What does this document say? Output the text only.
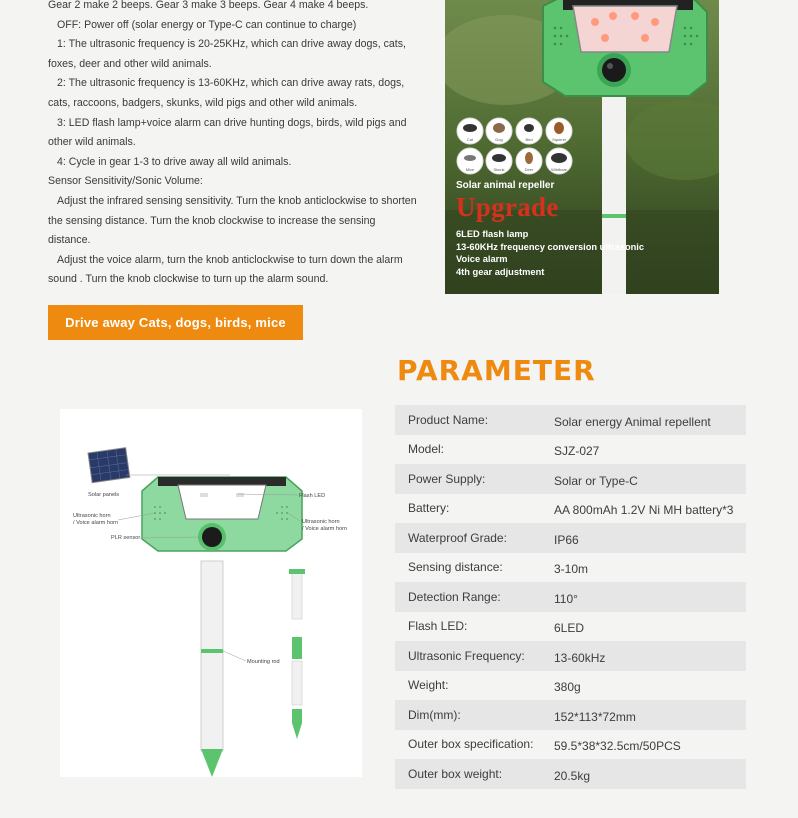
Gear 2 make 2 beeps. Gear 3 make 3 beeps. Gear 4 make 4 beeps.

OFF: Power off (solar energy or Type-C can continue to charge)

1: The ultrasonic frequency is 20-25KHz, which can drive away dogs, cats, foxes, deer and other wild animals.

2: The ultrasonic frequency is 13-60KHz, which can drive away rats, dogs, cats, raccoons, badgers, skunks, wild pigs and other wild animals.

3: LED flash lamp+voice alarm can drive hunting dogs, birds, wild pigs and other wild animals.

4: Cycle in gear 1-3 to drive away all wild animals.

Sensor Sensitivity/Sonic Volume:

Adjust the infrared sensing sensitivity. Turn the knob anticlockwise to shorten the sensing distance. Turn the knob clockwise to increase the sensing distance.

Adjust the voice alarm, turn the knob anticlockwise to turn down the alarm sound . Turn the knob clockwise to turn up the alarm sound.

Drive away Cats, dogs, birds, mice
Cat	Dog	Bird	Squirrel
Mice	Skunk	Deer	Wildboar
Solar animal repeller
Upgrade
6LED flash lamp
13-60KHz frequency conversion ultrasonic
Voice alarm
4th gear adjustment
PARAMETER
Solar panels
Ultrasonic horn
/ Voice alarm horn
PLR sensor
Flash LED
Ultrasonic horn
/ Voice alarm horn
Mounting rod
Product Name:	Solar energy Animal repellent
Model:	SJZ-027
Power Supply:	Solar or Type-C
Battery:	AA 800mAh 1.2V Ni MH battery*3
Waterproof Grade:	IP66
Sensing distance:	3-10m
Detection Range:	110°
Flash LED:	6LED
Ultrasonic Frequency:	13-60kHz
Weight:	380g
Dim(mm):	152*113*72mm
Outer box specification:	59.5*38*32.5cm/50PCS
Outer box weight:	20.5kg
